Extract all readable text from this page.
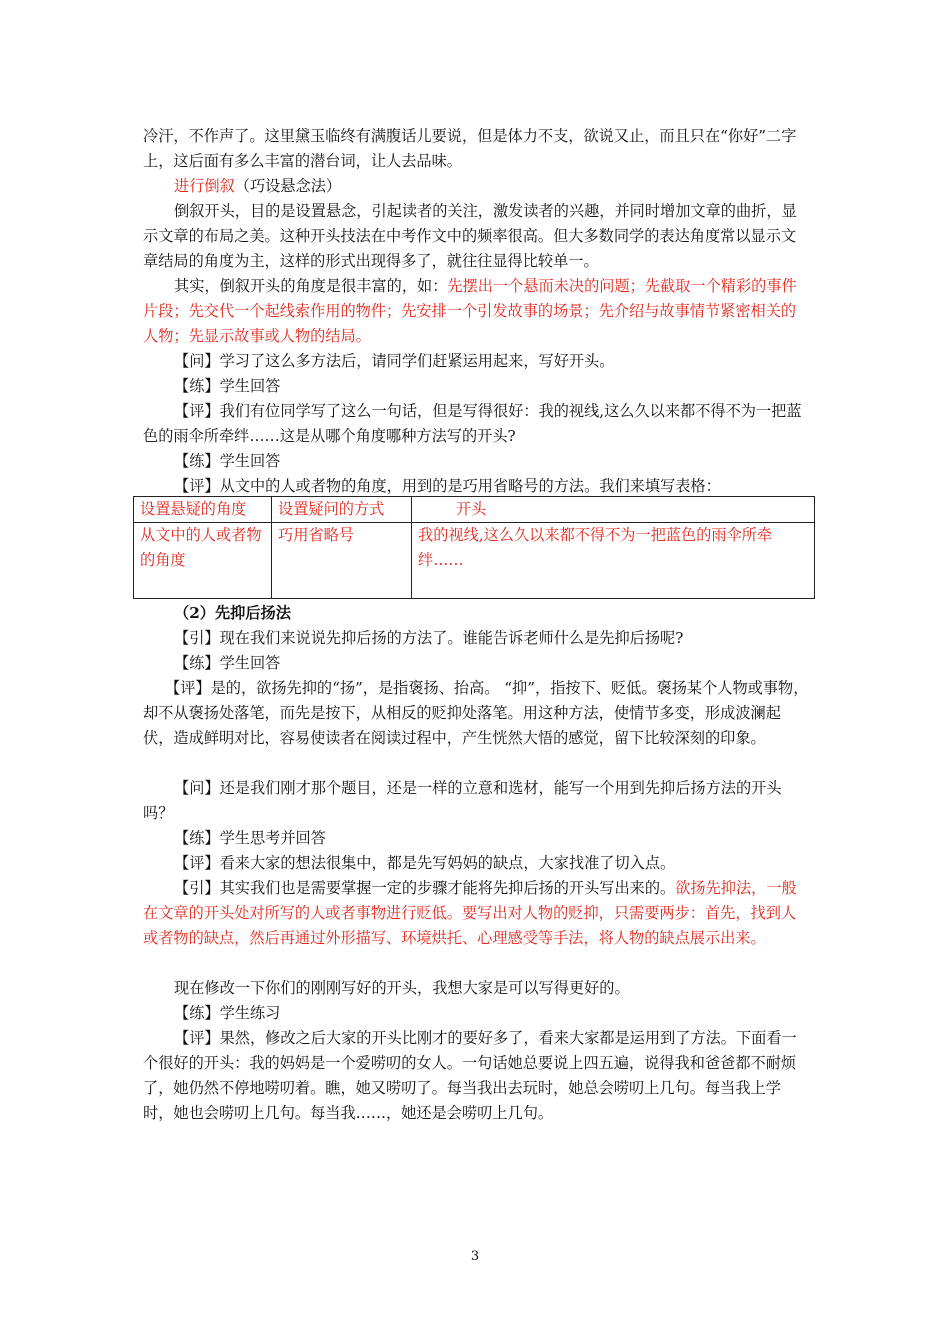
冷汗，不作声了。这里黛玉临终有满腹话儿要说，但是体力不支，欲说又止，而且只在“你好”二字上，这后面有多么丰富的潜台词，让人去品味。

进行倒叙（巧设悬念法）

倒叙开头，目的是设置悬念，引起读者的关注，激发读者的兴趣，并同时增加文章的曲折，显示文章的布局之美。这种开头技法在中考作文中的频率很高。但大多数同学的表达角度常以显示文章结局的角度为主，这样的形式出现得多了，就往往显得比较单一。

其实，倒叙开头的角度是很丰富的，如：先摆出一个悬而未决的问题；先截取一个精彩的事件片段；先交代一个起线索作用的物件；先安排一个引发故事的场景；先介绍与故事情节紧密相关的人物；先显示故事或人物的结局。

【问】学习了这么多方法后，请同学们赶紧运用起来，写好开头。

【练】学生回答

【评】我们有位同学写了这么一句话，但是写得很好：我的视线,这么久以来都不得不为一把蓝色的雨伞所牵绊……这是从哪个角度哪种方法写的开头?

【练】学生回答

【评】从文中的人或者物的角度，用到的是巧用省略号的方法。我们来填写表格：

设置悬疑的角度	设置疑问的方式	开头
从文中的人或者物的角度	巧用省略号	我的视线,这么久以来都不得不为一把蓝色的雨伞所牵绊……

（2）先抑后扬法

【引】现在我们来说说先抑后扬的方法了。谁能告诉老师什么是先抑后扬呢?

【练】学生回答

【评】是的，欲扬先抑的“扬”，是指褒扬、抬高。 “抑”，指按下、贬低。褒扬某个人物或事物，却不从褒扬处落笔，而先是按下，从相反的贬抑处落笔。用这种方法，使情节多变，形成波澜起伏，造成鲜明对比，容易使读者在阅读过程中，产生恍然大悟的感觉，留下比较深刻的印象。

【问】还是我们刚才那个题目，还是一样的立意和选材，能写一个用到先抑后扬方法的开头吗？

【练】学生思考并回答

【评】看来大家的想法很集中，都是先写妈妈的缺点，大家找准了切入点。

【引】其实我们也是需要掌握一定的步骤才能将先抑后扬的开头写出来的。欲扬先抑法，一般在文章的开头处对所写的人或者事物进行贬低。要写出对人物的贬抑，只需要两步：首先，找到人或者物的缺点，然后再通过外形描写、环境烘托、心理感受等手法，将人物的缺点展示出来。

现在修改一下你们的刚刚写好的开头，我想大家是可以写得更好的。

【练】学生练习

【评】果然，修改之后大家的开头比刚才的要好多了，看来大家都是运用到了方法。下面看一个很好的开头：我的妈妈是一个爱唠叨的女人。一句话她总要说上四五遍，说得我和爸爸都不耐烦了，她仍然不停地唠叨着。瞧，她又唠叨了。每当我出去玩时，她总会唠叨上几句。每当我上学时，她也会唠叨上几句。每当我……，她还是会唠叨上几句。

3
